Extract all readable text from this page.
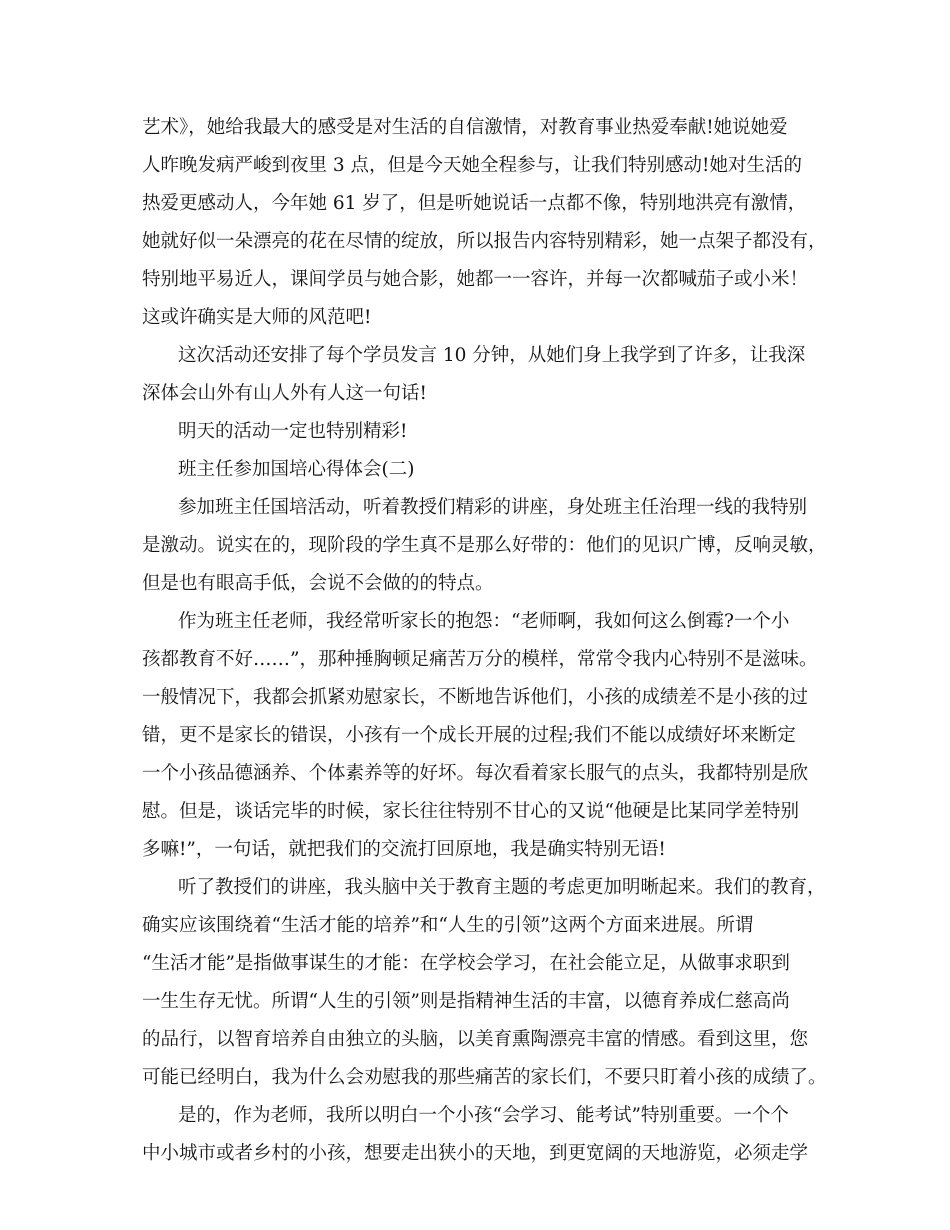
艺术》，她给我最大的感受是对生活的自信激情，对教育事业热爱奉献!她说她爱
人昨晚发病严峻到夜里 3 点，但是今天她全程参与，让我们特别感动!她对生活的
热爱更感动人，今年她 61 岁了，但是听她说话一点都不像，特别地洪亮有激情，
她就好似一朵漂亮的花在尽情的绽放，所以报告内容特别精彩，她一点架子都没有，
特别地平易近人，课间学员与她合影，她都一一容许，并每一次都喊茄子或小米！
这或许确实是大师的风范吧!
这次活动还安排了每个学员发言 10 分钟，从她们身上我学到了许多，让我深
深体会山外有山人外有人这一句话!
明天的活动一定也特别精彩!
班主任参加国培心得体会(二)
参加班主任国培活动，听着教授们精彩的讲座，身处班主任治理一线的我特别
是激动。说实在的，现阶段的学生真不是那么好带的：他们的见识广博，反响灵敏，
但是也有眼高手低，会说不会做的的特点。
作为班主任老师，我经常听家长的抱怨：“老师啊，我如何这么倒霉?一个小
孩都教育不好……”，那种捶胸顿足痛苦万分的模样，常常令我内心特别不是滋味。
一般情况下，我都会抓紧劝慰家长，不断地告诉他们，小孩的成绩差不是小孩的过
错，更不是家长的错误，小孩有一个成长开展的过程;我们不能以成绩好坏来断定
一个小孩品德涵养、个体素养等的好坏。每次看着家长服气的点头，我都特别是欣
慰。但是，谈话完毕的时候，家长往往特别不甘心的又说“他硬是比某同学差特别
多嘛!”，一句话，就把我们的交流打回原地，我是确实特别无语!
听了教授们的讲座，我头脑中关于教育主题的考虑更加明晰起来。我们的教育，
确实应该围绕着“生活才能的培养”和“人生的引领”这两个方面来进展。所谓
“生活才能”是指做事谋生的才能：在学校会学习，在社会能立足，从做事求职到
一生生存无忧。所谓“人生的引领”则是指精神生活的丰富，以德育养成仁慈高尚
的品行，以智育培养自由独立的头脑，以美育熏陶漂亮丰富的情感。看到这里，您
可能已经明白，我为什么会劝慰我的那些痛苦的家长们，不要只盯着小孩的成绩了。
是的，作为老师，我所以明白一个小孩“会学习、能考试”特别重要。一个个
中小城市或者乡村的小孩，想要走出狭小的天地，到更宽阔的天地游览，必须走学
